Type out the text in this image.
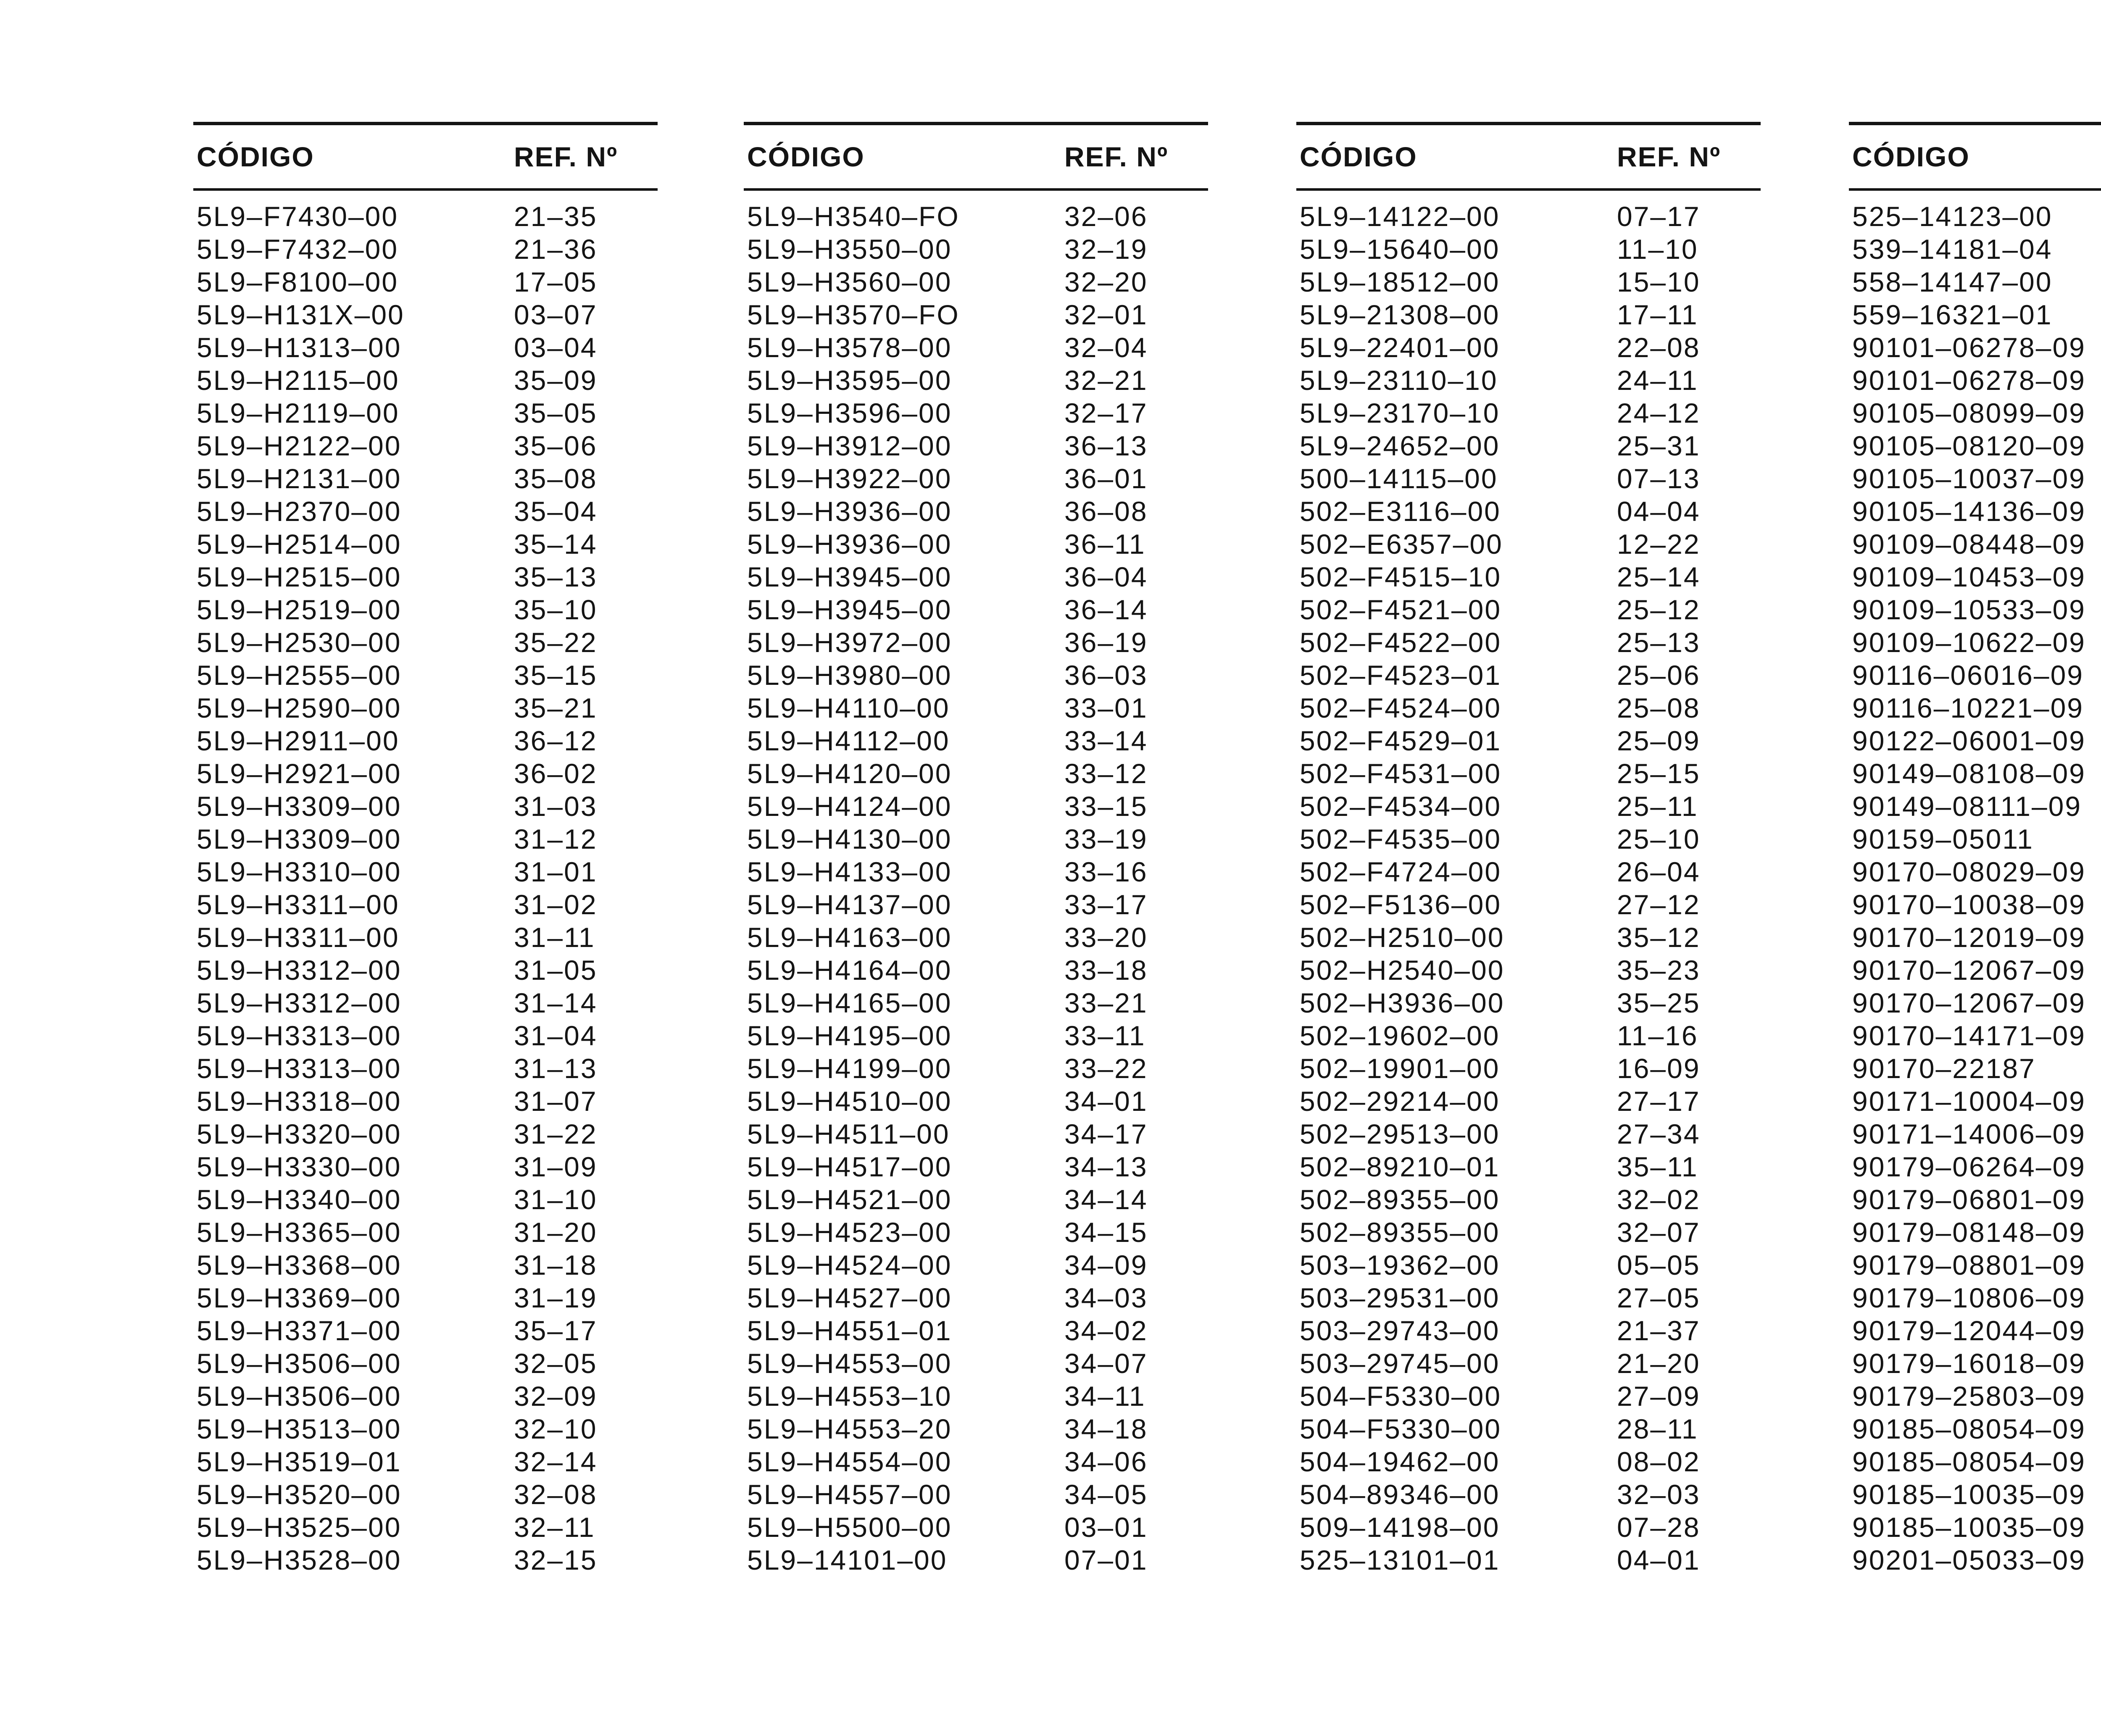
CÓDIGO	REF. Nº
5L9–F7430–00	21–35
5L9–F7432–00	21–36
5L9–F8100–00	17–05
5L9–H131X–00	03–07
5L9–H1313–00	03–04
5L9–H2115–00	35–09
5L9–H2119–00	35–05
5L9–H2122–00	35–06
5L9–H2131–00	35–08
5L9–H2370–00	35–04
5L9–H2514–00	35–14
5L9–H2515–00	35–13
5L9–H2519–00	35–10
5L9–H2530–00	35–22
5L9–H2555–00	35–15
5L9–H2590–00	35–21
5L9–H2911–00	36–12
5L9–H2921–00	36–02
5L9–H3309–00	31–03
5L9–H3309–00	31–12
5L9–H3310–00	31–01
5L9–H3311–00	31–02
5L9–H3311–00	31–11
5L9–H3312–00	31–05
5L9–H3312–00	31–14
5L9–H3313–00	31–04
5L9–H3313–00	31–13
5L9–H3318–00	31–07
5L9–H3320–00	31–22
5L9–H3330–00	31–09
5L9–H3340–00	31–10
5L9–H3365–00	31–20
5L9–H3368–00	31–18
5L9–H3369–00	31–19
5L9–H3371–00	35–17
5L9–H3506–00	32–05
5L9–H3506–00	32–09
5L9–H3513–00	32–10
5L9–H3519–01	32–14
5L9–H3520–00	32–08
5L9–H3525–00	32–11
5L9–H3528–00	32–15
CÓDIGO	REF. Nº
5L9–H3540–FO	32–06
5L9–H3550–00	32–19
5L9–H3560–00	32–20
5L9–H3570–FO	32–01
5L9–H3578–00	32–04
5L9–H3595–00	32–21
5L9–H3596–00	32–17
5L9–H3912–00	36–13
5L9–H3922–00	36–01
5L9–H3936–00	36–08
5L9–H3936–00	36–11
5L9–H3945–00	36–04
5L9–H3945–00	36–14
5L9–H3972–00	36–19
5L9–H3980–00	36–03
5L9–H4110–00	33–01
5L9–H4112–00	33–14
5L9–H4120–00	33–12
5L9–H4124–00	33–15
5L9–H4130–00	33–19
5L9–H4133–00	33–16
5L9–H4137–00	33–17
5L9–H4163–00	33–20
5L9–H4164–00	33–18
5L9–H4165–00	33–21
5L9–H4195–00	33–11
5L9–H4199–00	33–22
5L9–H4510–00	34–01
5L9–H4511–00	34–17
5L9–H4517–00	34–13
5L9–H4521–00	34–14
5L9–H4523–00	34–15
5L9–H4524–00	34–09
5L9–H4527–00	34–03
5L9–H4551–01	34–02
5L9–H4553–00	34–07
5L9–H4553–10	34–11
5L9–H4553–20	34–18
5L9–H4554–00	34–06
5L9–H4557–00	34–05
5L9–H5500–00	03–01
5L9–14101–00	07–01
CÓDIGO	REF. Nº
5L9–14122–00	07–17
5L9–15640–00	11–10
5L9–18512–00	15–10
5L9–21308–00	17–11
5L9–22401–00	22–08
5L9–23110–10	24–11
5L9–23170–10	24–12
5L9–24652–00	25–31
500–14115–00	07–13
502–E3116–00	04–04
502–E6357–00	12–22
502–F4515–10	25–14
502–F4521–00	25–12
502–F4522–00	25–13
502–F4523–01	25–06
502–F4524–00	25–08
502–F4529–01	25–09
502–F4531–00	25–15
502–F4534–00	25–11
502–F4535–00	25–10
502–F4724–00	26–04
502–F5136–00	27–12
502–H2510–00	35–12
502–H2540–00	35–23
502–H3936–00	35–25
502–19602–00	11–16
502–19901–00	16–09
502–29214–00	27–17
502–29513–00	27–34
502–89210–01	35–11
502–89355–00	32–02
502–89355–00	32–07
503–19362–00	05–05
503–29531–00	27–05
503–29743–00	21–37
503–29745–00	21–20
504–F5330–00	27–09
504–F5330–00	28–11
504–19462–00	08–02
504–89346–00	32–03
509–14198–00	07–28
525–13101–01	04–01
CÓDIGO
525–14123–00
539–14181–04
558–14147–00
559–16321–01
90101–06278–09
90101–06278–09
90105–08099–09
90105–08120–09
90105–10037–09
90105–14136–09
90109–08448–09
90109–10453–09
90109–10533–09
90109–10622–09
90116–06016–09
90116–10221–09
90122–06001–09
90149–08108–09
90149–08111–09
90159–05011
90170–08029–09
90170–10038–09
90170–12019–09
90170–12067–09
90170–12067–09
90170–14171–09
90170–22187
90171–10004–09
90171–14006–09
90179–06264–09
90179–06801–09
90179–08148–09
90179–08801–09
90179–10806–09
90179–12044–09
90179–16018–09
90179–25803–09
90185–08054–09
90185–08054–09
90185–10035–09
90185–10035–09
90201–05033–09
